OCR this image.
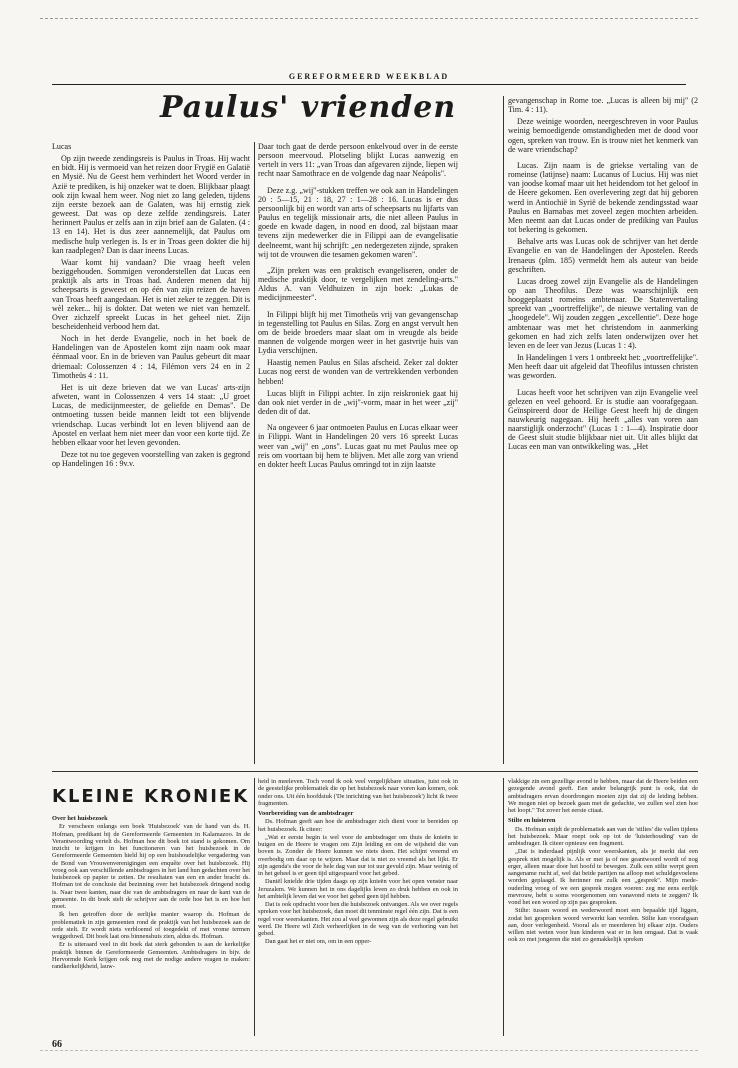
GEREFORMEERD WEEKBLAD
Paulus' vrienden

Lucas

Op zijn tweede zendingsreis is Paulus in Troas. Hij wacht en bidt. Hij is vermoeid van het reizen door Frygië en Galatië en Mysië. Nu de Geest hem verhindert het Woord verder in Azië te prediken, is hij onzeker wat te doen. Blijkbaar plaagt ook zijn kwaal hem weer. Nog niet zo lang geleden, tijdens zijn eerste bezoek aan de Galaten, was hij ernstig ziek geweest. Dat was op deze zelfde zendingsreis. Later herinnert Paulus er zelfs aan in zijn brief aan de Galaten. (4 : 13 en 14). Het is dus zeer aannemelijk, dat Paulus om medische hulp verlegen is. Is er in Troas geen dokter die hij kan raadplegen? Dan is daar ineens Lucas.

Waar komt hij vandaan? Die vraag heeft velen beziggehouden. Sommigen veronderstellen dat Lucas een praktijk als arts in Troas had. Anderen menen dat hij scheepsarts is geweest en op één van zijn reizen de haven van Troas heeft aangedaan. Het is niet zeker te zeggen. Dit is wèl zeker... hij is dokter. Dat weten we niet van hemzelf. Over zichzelf spreekt Lucas in het geheel niet. Zijn bescheidenheid verbood hem dat.

Noch in het derde Evangelie, noch in het boek de Handelingen van de Apostelen komt zijn naam ook maar éénmaal voor. En in de brieven van Paulus gebeurt dit maar driemaal: Colossenzen 4 : 14, Filémon vers 24 en in 2 Timotheüs 4 : 11.

Het is uit deze brieven dat we van Lucas' arts-zijn afweten, want in Colossenzen 4 vers 14 staat: „U groet Lucas, de medicijnmeester, de geliefde en Demas". De ontmoeting tussen beide mannen leidt tot een blijvende vriendschap. Lucas verbindt lot en leven blijvend aan de Apostel en verlaat hem niet meer dan voor een korte tijd. Ze hebben elkaar voor het leven gevonden.

Deze tot nu toe gegeven voorstelling van zaken is gegrond op Handelingen 16 : 9v.v.

Daar toch gaat de derde persoon enkelvoud over in de eerste persoon meervoud. Plotseling blijkt Lucas aanwezig en vertelt in vers 11: „van Troas dan afgevaren zijnde, liepen wij recht naar Samothrace en de volgende dag naar Neápolis".

Deze z.g. „wij"-stukken treffen we ook aan in Handelingen 20 : 5—15, 21 : 18, 27 : 1—28 : 16. Lucas is er dus persoonlijk bij en wordt van arts of scheepsarts nu lijfarts van Paulus en tegelijk missionair arts, die niet alleen Paulus in goede en kwade dagen, in nood en dood, zal bijstaan maar tevens zijn medewerker die in Filippi aan de evangelisatie deelneemt, want hij schrijft: „en nedergezeten zijnde, spraken wij tot de vrouwen die tesamen gekomen waren".

„Zijn preken was een praktisch evangeliseren, onder de medische praktijk door, te vergelijken met zendeling-arts." Aldus A. van Veldhuizen in zijn boek: „Lukas de medicijnmeester".

In Filippi blijft hij met Timotheüs vrij van gevangenschap in tegenstelling tot Paulus en Silas. Zorg en angst vervult hen om de beide broeders maar slaat om in vreugde als beide mannen de volgende morgen weer in het gastvrije huis van Lydia verschijnen.

Haastig nemen Paulus en Silas afscheid. Zeker zal dokter Lucas nog eerst de wonden van de vertrekkenden verbonden hebben!

Lucas blijft in Filippi achter. In zijn reiskroniek gaat hij dan ook niet verder in de „wij"-vorm, maar in het weer „zij" deden dit of dat.

Na ongeveer 6 jaar ontmoeten Paulus en Lucas elkaar weer in Filippi. Want in Handelingen 20 vers 16 spreekt Lucas weer van „wij" en „ons". Lucas gaat nu met Paulus mee op reis om voortaan bij hem te blijven. Met alle zorg van vriend en dokter heeft Lucas Paulus omringd tot in zijn laatste

gevangenschap in Rome toe. „Lucas is alleen bij mij" (2 Tim. 4 : 11).

Deze weinige woorden, neergeschreven in voor Paulus weinig bemoedigende omstandigheden met de dood voor ogen, spreken van trouw. En is trouw niet het kenmerk van de ware vriendschap?

Lucas. Zijn naam is de griekse vertaling van de romeinse (latijnse) naam: Lucanus of Lucius. Hij was niet van joodse komaf maar uit het heidendom tot het geloof in de Heere gekomen. Een overlevering zegt dat hij geboren werd in Antiochië in Syrië de bekende zendingsstad waar Paulus en Barnabas met zoveel zegen mochten arbeiden. Men neemt aan dat Lucas onder de prediking van Paulus tot bekering is gekomen.

Behalve arts was Lucas ook de schrijver van het derde Evangelie en van de Handelingen der Apostelen. Reeds Irenaeus (plm. 185) vermeldt hem als auteur van beide geschriften.

Lucas droeg zowel zijn Evangelie als de Handelingen op aan Theofilus. Deze was waarschijnlijk een hooggeplaatst romeins ambtenaar. De Statenvertaling spreekt van „voortreffelijke", de nieuwe vertaling van de „hoogedele". Wij zouden zeggen „excellentie". Deze hoge ambtenaar was met het christendom in aanmerking gekomen en had zich zelfs laten onderwijzen over het leven en de leer van Jezus (Lucas 1 : 4).

In Handelingen 1 vers 1 ontbreekt het: „voortreffelijke". Men heeft daar uit afgeleid dat Theofilus intussen christen was geworden.

Lucas heeft voor het schrijven van zijn Evangelie veel gelezen en veel gehoord. Er is studie aan voorafgegaan. Geïnspireerd door de Heilige Geest heeft hij de dingen nauwkeurig nagegaan. Hij heeft „alles van voren aan naarstiglijk onderzocht" (Lucas 1 : 1—4). Inspiratie door de Geest sluit studie blijkbaar niet uit. Uit alles blijkt dat Lucas een man van ontwikkeling was. „Het

KLEINE KRONIEK

Over het huisbezoek

Er verscheen onlangs een boek 'Huisbezoek' van de hand van ds. H. Hofman, predikant bij de Gereformeerde Gemeenten in Kalamazoo. In de Verantwoording vertelt ds. Hofman hoe dit boek tot stand is gekomen. Om inzicht te krijgen in het functioneren van het huisbezoek in de Gereformeerde Gemeenten hield hij op een huishoudelijke vergadering van de Bond van Vrouwenverenigingen een enquête over het huisbezoek. Hij vroeg ook aan verschillende ambtsdragers in het land hun gedachten over het huisbezoek op papier te zetten. De resultaten van een en ander bracht ds. Hofman tot de conclusie dat bezinning over het huisbezoek dringend nodig is. Naar twee kanten, naar die van de ambtsdragers en naar de kant van de gemeente. In dit boek stelt de schrijver aan de orde hoe het is en hoe het moet.

Ik ben getroffen door de eerlijke manier waarop ds. Hofman de problematiek in zijn gemeenten rond de praktijk van het huisbezoek aan de orde stelt. Er wordt niets verbloemd of toegedekt of met vrome termen weggeduwd. Dit boek laat ons binnenshuis zien, aldus ds. Hofman.

Er is uiteraard veel in dit boek dat sterk gebonden is aan de kerkelijke praktijk binnen de Gereformeerde Gemeenten. Ambtsdragers in bijv. de Hervormde Kerk krijgen ook nog met de nodige andere vragen te maken: randkerkelijkheid, lauw-

heid in meeleven. Toch vond ik ook veel vergelijkbare situaties, juist ook in de geestelijke problematiek die op het huisbezoek naar voren kan komen, ook onder ons. Uit één hoofdstuk ('De inrichting van het huisbezoek') licht ik twee fragmenten.

Voorbereiding van de ambtsdrager

Ds. Hofman geeft aan hoe de ambtsdrager zich dient voor te bereiden op het huisbezoek. Ik citeer:

„Wat er eerste begin is wel voor de ambtsdrager om thuis de knieën te buigen en de Heere te vragen om Zijn leiding en om de wijsheid die van boven is. Zonder de Heere kunnen we niets doen. Het schijnt vreemd en overbodig om daar op te wijzen. Maar dat is niet zo vreemd als het lijkt. Er zijn agenda's die voor de hele dag van uur tot uur gevuld zijn. Maar weinig of in het geheel is er geen tijd uitgespaard voor het gebed.

Daniël knielde drie tijden daags op zijn knieën voor het open venster naar Jeruzalem. We kunnen het in ons dagelijks leven zo druk hebben en ook in het ambtelijk leven dat we voor het gebed geen tijd hebben.

Dat is ook opdracht voor hen die huisbezoek ontvangen. Als we over regels spreken voor het huisbezoek, dan moet dit tenminste regel één zijn. Dat is een regel voor weerskanten. Het zou al veel gewonnen zijn als deze regel gebruikt werd. De Heere wil Zich verheerlijken in de weg van de verhoring van het gebed.

Dan gaat het er niet om, om in een opper-

vlakkige zin een gezellige avond te hebben, maar dat de Heere beiden een gezegende avond geeft. Een ander belangrijk punt is ook, dat de ambtsdragers ervan doordrongen moeten zijn dat zij de leiding hebben. We mogen niet op bezoek gaan met de gedachte, we zullen wel zien hoe het loopt." Tot zover het eerste citaat.

Stilte en luisteren

Ds. Hofman snijdt de problematiek aan van de 'stiltes' die vallen tijdens het huisbezoek. Maar roept ook op tot de 'luisterhouding' van de ambtsdrager. Ik citeer opnieuw een fragment.

„Dat is inderdaad pijnlijk voor weerskanten, als je merkt dat een gesprek niet mogelijk is. Als er met ja of nee geantwoord wordt of nog erger, alleen maar door het hoofd te bewegen. Zulk een stilte werpt geen aangename rucht af, wel dat beide partijen na afloop met schuldgevoelens worden geplaagd. Ik herinner me zulk een „gesprek". Mijn mede-ouderling vroeg of we een gesprek mogen voeren: zeg me eens eerlijk mevrouw, hebt u soms voorgenomen om vanavond niets te zeggen? Ik vond het een woord op zijn pas gesproken.

Stilte: tussen woord en wederwoord moet een bepaalde tijd liggen, zodat het gesproken woord verwerkt kan worden. Stilte kan voorafgaan aan, door verlegenheid. Vooral als er meerderen bij elkaar zijn. Ouders willen niet weten voor hun kinderen wat er in hen omgaat. Dat is vaak ook zo met jongeren die niet zo gemakkelijk spreken

66
